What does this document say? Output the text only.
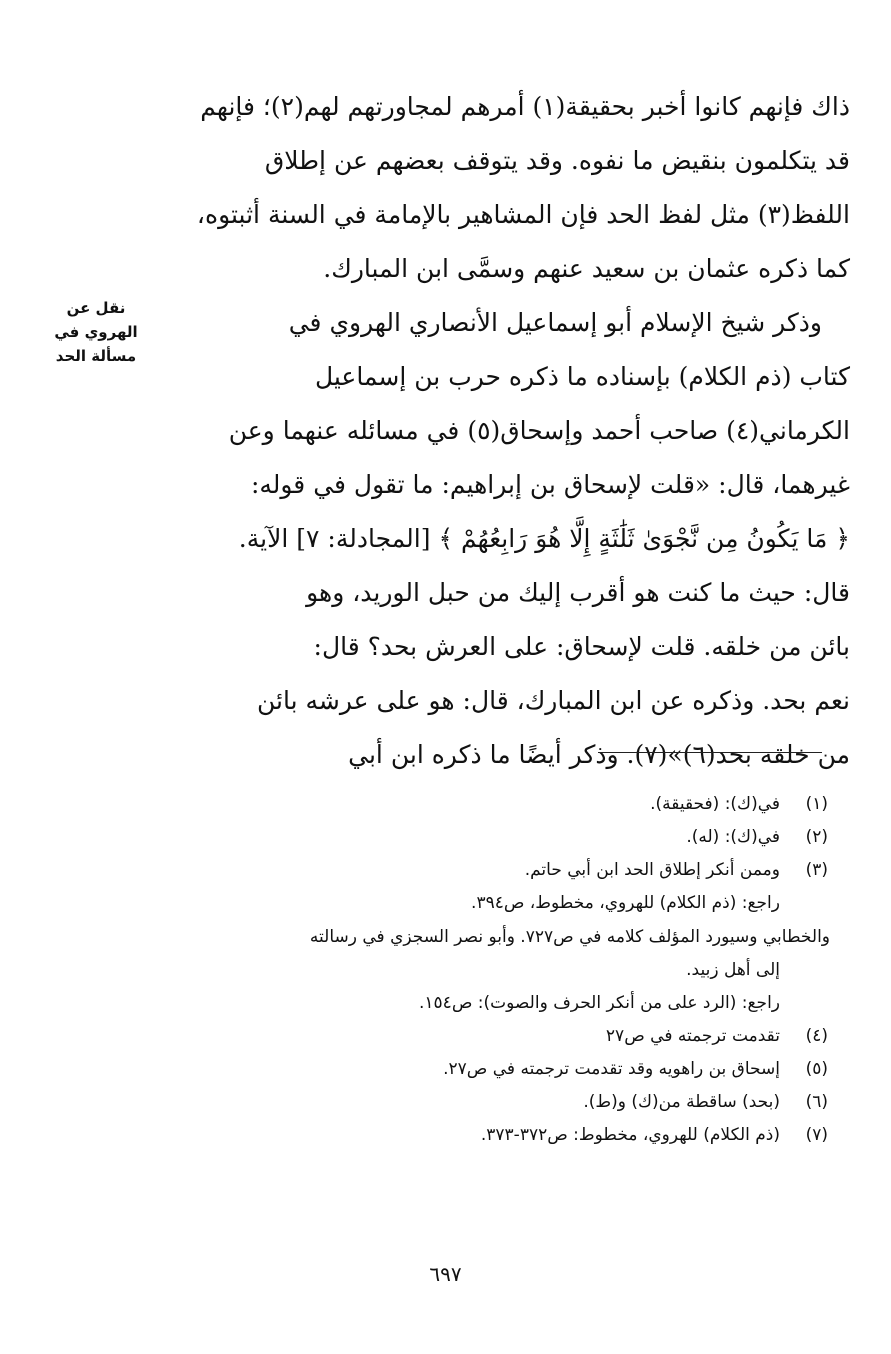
ذاك فإنهم كانوا أخبر بحقيقة(١) أمرهم لمجاورتهم لهم(٢)؛ فإنهم
قد يتكلمون بنقيض ما نفوه. وقد يتوقف بعضهم عن إطلاق
اللفظ(٣) مثل لفظ الحد فإن المشاهير بالإمامة في السنة أثبتوه،
كما ذكره عثمان بن سعيد عنهم وسمَّى ابن المبارك.
وذكر شيخ الإسلام أبو إسماعيل الأنصاري الهروي في
كتاب (ذم الكلام) بإسناده ما ذكره حرب بن إسماعيل
الكرماني(٤) صاحب أحمد وإسحاق(٥) في مسائله عنهما وعن
غيرهما، قال: «قلت لإسحاق بن إبراهيم: ما تقول في قوله:
﴿ مَا يَكُونُ مِن نَّجْوَىٰ ثَلَٰثَةٍ إِلَّا هُوَ رَابِعُهُمْ ﴾ [المجادلة: ٧] الآية.
قال: حيث ما كنت هو أقرب إليك من حبل الوريد، وهو
بائن من خلقه. قلت لإسحاق: على العرش بحد؟ قال:
نعم بحد. وذكره عن ابن المبارك، قال: هو على عرشه بائن
من خلقه بحد(٦)»(٧). وذكر أيضًا ما ذكره ابن أبي
نقل عن
الهروي في
مسألة الحد
(١)
في(ك): (فحقيقة).
(٢)
في(ك): (له).
(٣)
وممن أنكر إطلاق الحد ابن أبي حاتم.
راجع: (ذم الكلام) للهروي، مخطوط، ص٣٩٤.
والخطابي وسيورد المؤلف كلامه في ص٧٢٧. وأبو نصر السجزي في رسالته
إلى أهل زبيد.
راجع: (الرد على من أنكر الحرف والصوت): ص١٥٤.
(٤)
تقدمت ترجمته في ص٢٧
(٥)
إسحاق بن راهويه وقد تقدمت ترجمته في ص٢٧.
(٦)
(بحد) ساقطة من(ك) و(ط).
(٧)
(ذم الكلام) للهروي، مخطوط: ص٣٧٢-٣٧٣.
٦٩٧
